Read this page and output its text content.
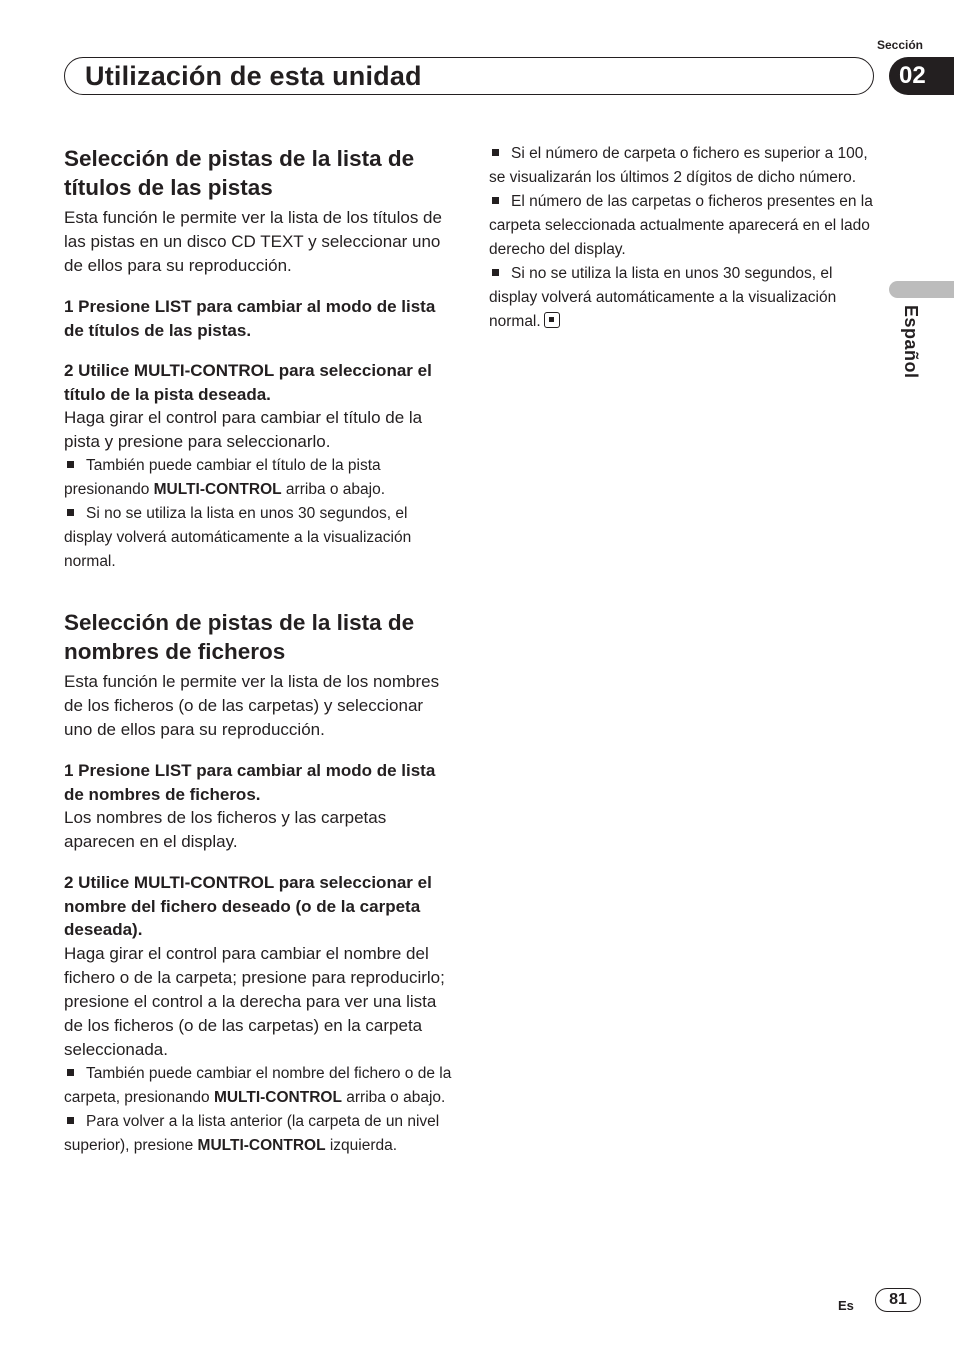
Sección
Utilización de esta unidad	02
Español
Selección de pistas de la lista de títulos de las pistas

Esta función le permite ver la lista de los títulos de las pistas en un disco CD TEXT y seleccionar uno de ellos para su reproducción.

1 Presione LIST para cambiar al modo de lista de títulos de las pistas.

2 Utilice MULTI-CONTROL para seleccionar el título de la pista deseada.

Haga girar el control para cambiar el título de la pista y presione para seleccionarlo.

También puede cambiar el título de la pista presionando MULTI-CONTROL arriba o abajo.

Si no se utiliza la lista en unos 30 segundos, el display volverá automáticamente a la visualización normal.

Selección de pistas de la lista de nombres de ficheros

Esta función le permite ver la lista de los nombres de los ficheros (o de las carpetas) y seleccionar uno de ellos para su reproducción.

1 Presione LIST para cambiar al modo de lista de nombres de ficheros.

Los nombres de los ficheros y las carpetas aparecen en el display.

2 Utilice MULTI-CONTROL para seleccionar el nombre del fichero deseado (o de la carpeta deseada).

Haga girar el control para cambiar el nombre del fichero o de la carpeta; presione para reproducirlo; presione el control a la derecha para ver una lista de los ficheros (o de las carpetas) en la carpeta seleccionada.

También puede cambiar el nombre del fichero o de la carpeta, presionando MULTI-CONTROL arriba o abajo.

Para volver a la lista anterior (la carpeta de un nivel superior), presione MULTI-CONTROL izquierda.

Si el número de carpeta o fichero es superior a 100, se visualizarán los últimos 2 dígitos de dicho número.

El número de las carpetas o ficheros presentes en la carpeta seleccionada actualmente aparecerá en el lado derecho del display.

Si no se utiliza la lista en unos 30 segundos, el display volverá automáticamente a la visualización normal.

Es	81
